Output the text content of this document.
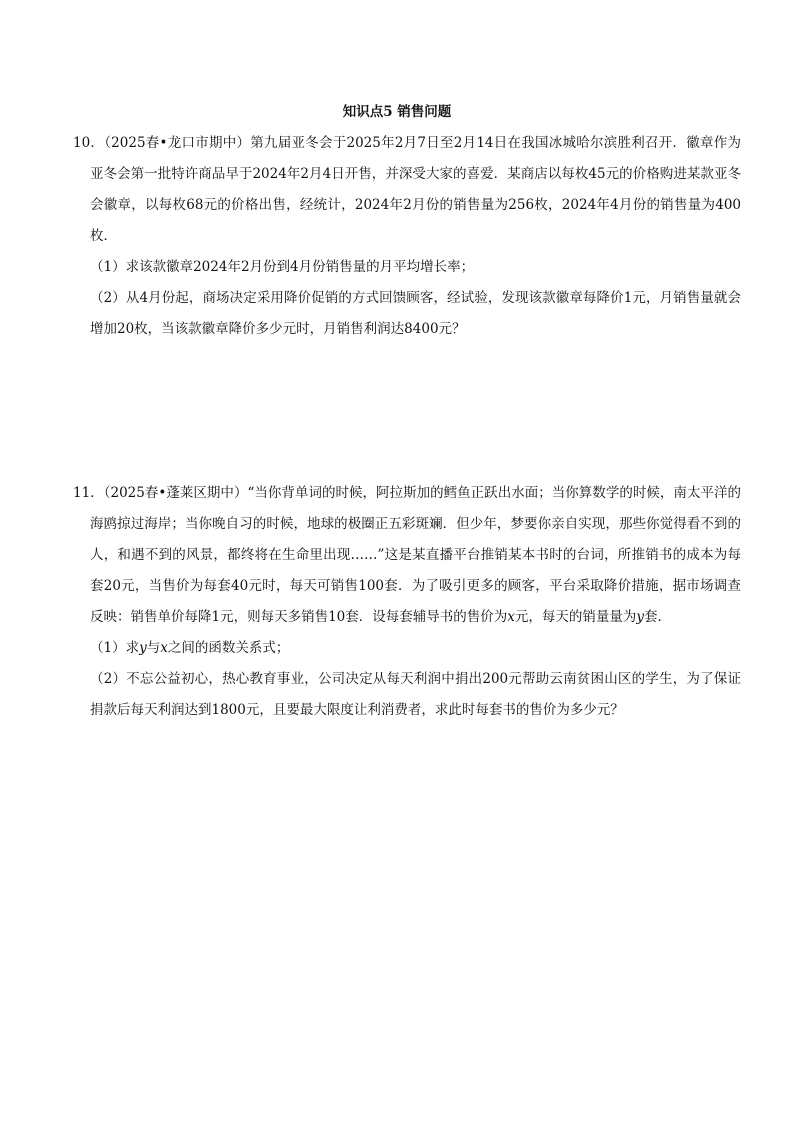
知识点5 销售问题
10．（2025春•龙口市期中）第九届亚冬会于2025年2月7日至2月14日在我国冰城哈尔滨胜利召开．徽章作为亚冬会第一批特许商品早于2024年2月4日开售，并深受大家的喜爱．某商店以每枚45元的价格购进某款亚冬会徽章，以每枚68元的价格出售，经统计，2024年2月份的销售量为256枚，2024年4月份的销售量为400枚．
（1）求该款徽章2024年2月份到4月份销售量的月平均增长率；
（2）从4月份起，商场决定采用降价促销的方式回馈顾客，经试验，发现该款徽章每降价1元，月销售量就会增加20枚，当该款徽章降价多少元时，月销售利润达8400元？
11．（2025春•蓬莱区期中）“当你背单词的时候，阿拉斯加的鳕鱼正跃出水面；当你算数学的时候，南太平洋的海鸥掠过海岸；当你晚自习的时候，地球的极圈正五彩斑斓．但少年，梦要你亲自实现，那些你觉得看不到的人，和遇不到的风景，都终将在生命里出现……”这是某直播平台推销某本书时的台词，所推销书的成本为每套20元，当售价为每套40元时，每天可销售100套．为了吸引更多的顾客，平台采取降价措施，据市场调查反映：销售单价每降1元，则每天多销售10套．设每套辅导书的售价为x元，每天的销量量为y套．
（1）求y与x之间的函数关系式；
（2）不忘公益初心，热心教育事业，公司决定从每天利润中捐出200元帮助云南贫困山区的学生，为了保证捐款后每天利润达到1800元，且要最大限度让利消费者，求此时每套书的售价为多少元？
